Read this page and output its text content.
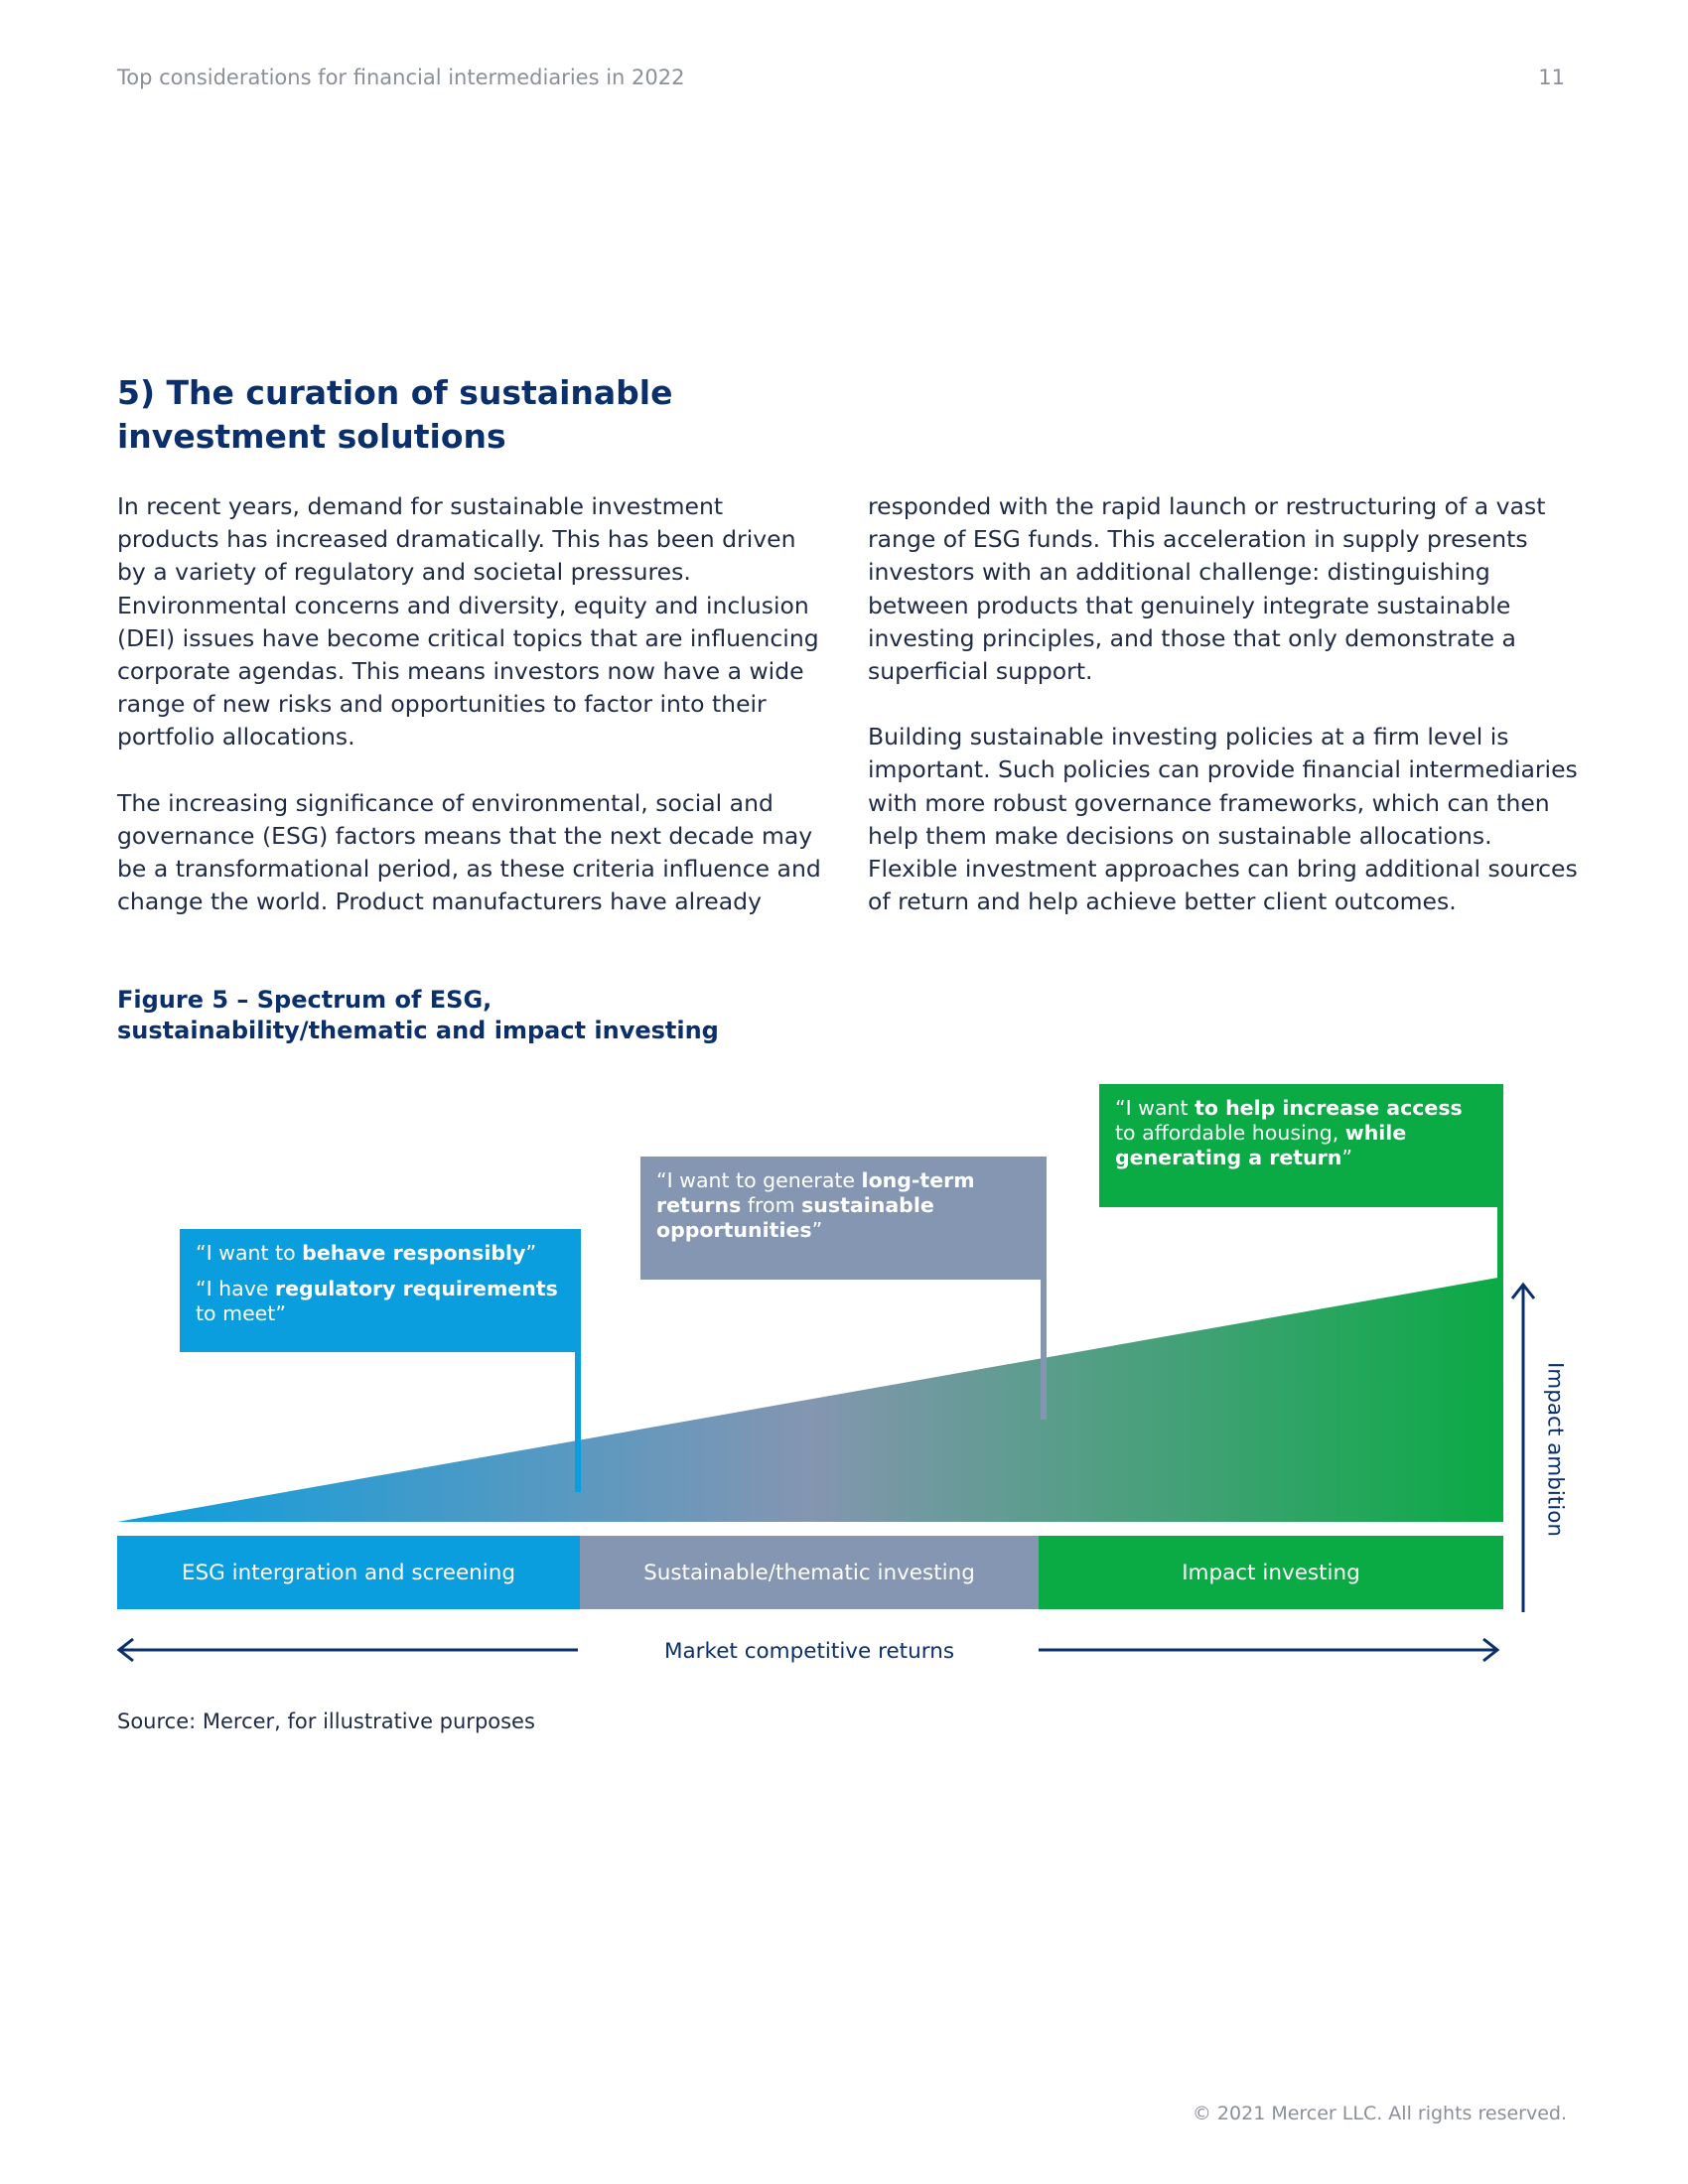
Top considerations for financial intermediaries in 2022	11
5) The curation of sustainable investment solutions

In recent years, demand for sustainable investment products has increased dramatically. This has been driven by a variety of regulatory and societal pressures. Environmental concerns and diversity, equity and inclusion (DEI) issues have become critical topics that are influencing corporate agendas. This means investors now have a wide range of new risks and opportunities to factor into their portfolio allocations.

The increasing significance of environmental, social and governance (ESG) factors means that the next decade may be a transformational period, as these criteria influence and change the world. Product manufacturers have already

responded with the rapid launch or restructuring of a vast range of ESG funds. This acceleration in supply presents investors with an additional challenge: distinguishing between products that genuinely integrate sustainable investing principles, and those that only demonstrate a superficial support.

Building sustainable investing policies at a firm level is important. Such policies can provide financial intermediaries with more robust governance frameworks, which can then help them make decisions on sustainable allocations. Flexible investment approaches can bring additional sources of return and help achieve better client outcomes.

Figure 5 – Spectrum of ESG, sustainability/thematic and impact investing

“I want to behave responsibly”

“I have regulatory requirements to meet”

“I want to generate long-term returns from sustainable opportunities”

“I want to help increase access to affordable housing, while generating a return”

ESG intergration and screening	Sustainable/thematic investing	Impact investing
Market competitive returns
Impact ambition
Source: Mercer, for illustrative purposes
© 2021 Mercer LLC. All rights reserved.
